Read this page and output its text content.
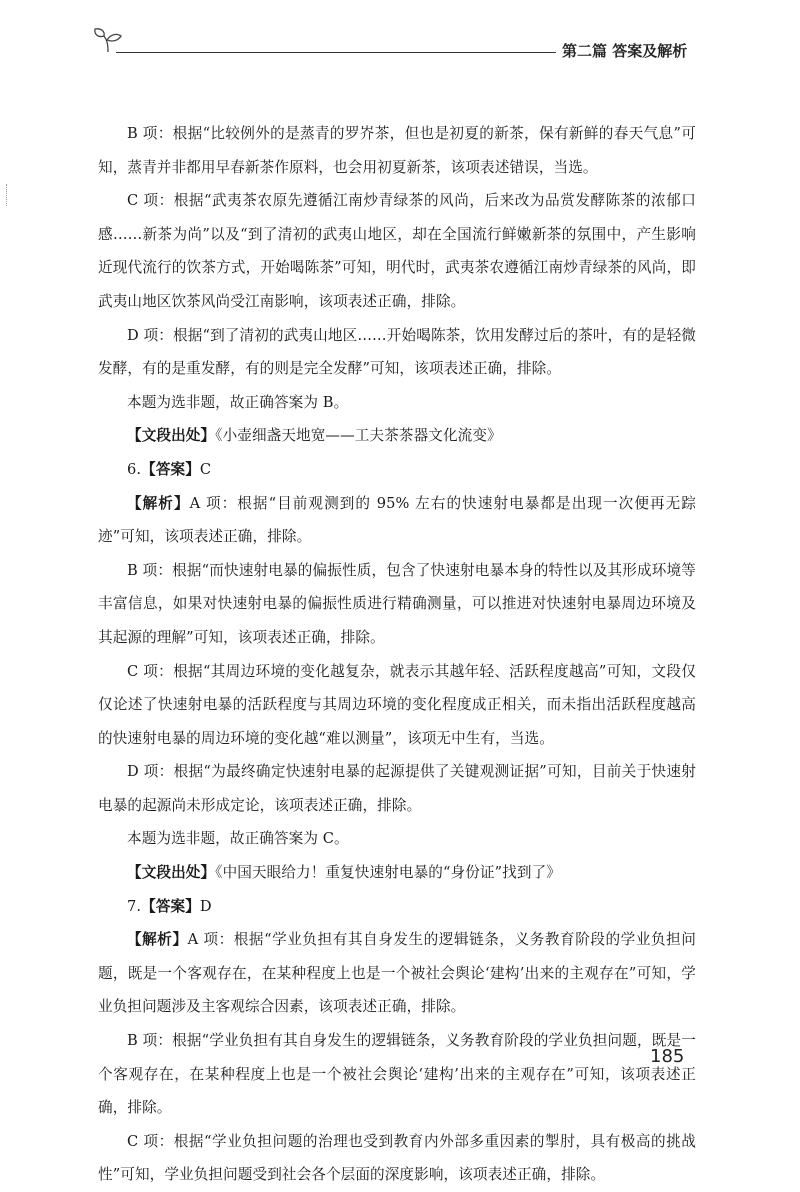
第二篇 答案及解析

B 项：根据“比较例外的是蒸青的罗岕茶，但也是初夏的新茶，保有新鲜的春天气息”可知，蒸青并非都用早春新茶作原料，也会用初夏新茶，该项表述错误，当选。

C 项：根据“武夷茶农原先遵循江南炒青绿茶的风尚，后来改为品赏发酵陈茶的浓郁口感……新茶为尚”以及“到了清初的武夷山地区，却在全国流行鲜嫩新茶的氛围中，产生影响近现代流行的饮茶方式，开始喝陈茶”可知，明代时，武夷茶农遵循江南炒青绿茶的风尚，即武夷山地区饮茶风尚受江南影响，该项表述正确，排除。

D 项：根据“到了清初的武夷山地区……开始喝陈茶，饮用发酵过后的茶叶，有的是轻微发酵，有的是重发酵，有的则是完全发酵”可知，该项表述正确，排除。

本题为选非题，故正确答案为 B。

【文段出处】《小壶细盏天地宽——工夫茶茶器文化流变》

6.【答案】C

【解析】A 项：根据“目前观测到的 95% 左右的快速射电暴都是出现一次便再无踪迹”可知，该项表述正确，排除。

B 项：根据“而快速射电暴的偏振性质，包含了快速射电暴本身的特性以及其形成环境等丰富信息，如果对快速射电暴的偏振性质进行精确测量，可以推进对快速射电暴周边环境及其起源的理解”可知，该项表述正确，排除。

C 项：根据“其周边环境的变化越复杂，就表示其越年轻、活跃程度越高”可知，文段仅仅论述了快速射电暴的活跃程度与其周边环境的变化程度成正相关，而未指出活跃程度越高的快速射电暴的周边环境的变化越“难以测量”，该项无中生有，当选。

D 项：根据“为最终确定快速射电暴的起源提供了关键观测证据”可知，目前关于快速射电暴的起源尚未形成定论，该项表述正确，排除。

本题为选非题，故正确答案为 C。

【文段出处】《中国天眼给力！重复快速射电暴的“身份证”找到了》

7.【答案】D

【解析】A 项：根据“学业负担有其自身发生的逻辑链条，义务教育阶段的学业负担问题，既是一个客观存在，在某种程度上也是一个被社会舆论‘建构’出来的主观存在”可知，学业负担问题涉及主客观综合因素，该项表述正确，排除。

B 项：根据“学业负担有其自身发生的逻辑链条，义务教育阶段的学业负担问题，既是一个客观存在，在某种程度上也是一个被社会舆论‘建构’出来的主观存在”可知，该项表述正确，排除。

C 项：根据“学业负担问题的治理也受到教育内外部多重因素的掣肘，具有极高的挑战性”可知，学业负担问题受到社会各个层面的深度影响，该项表述正确，排除。

185
